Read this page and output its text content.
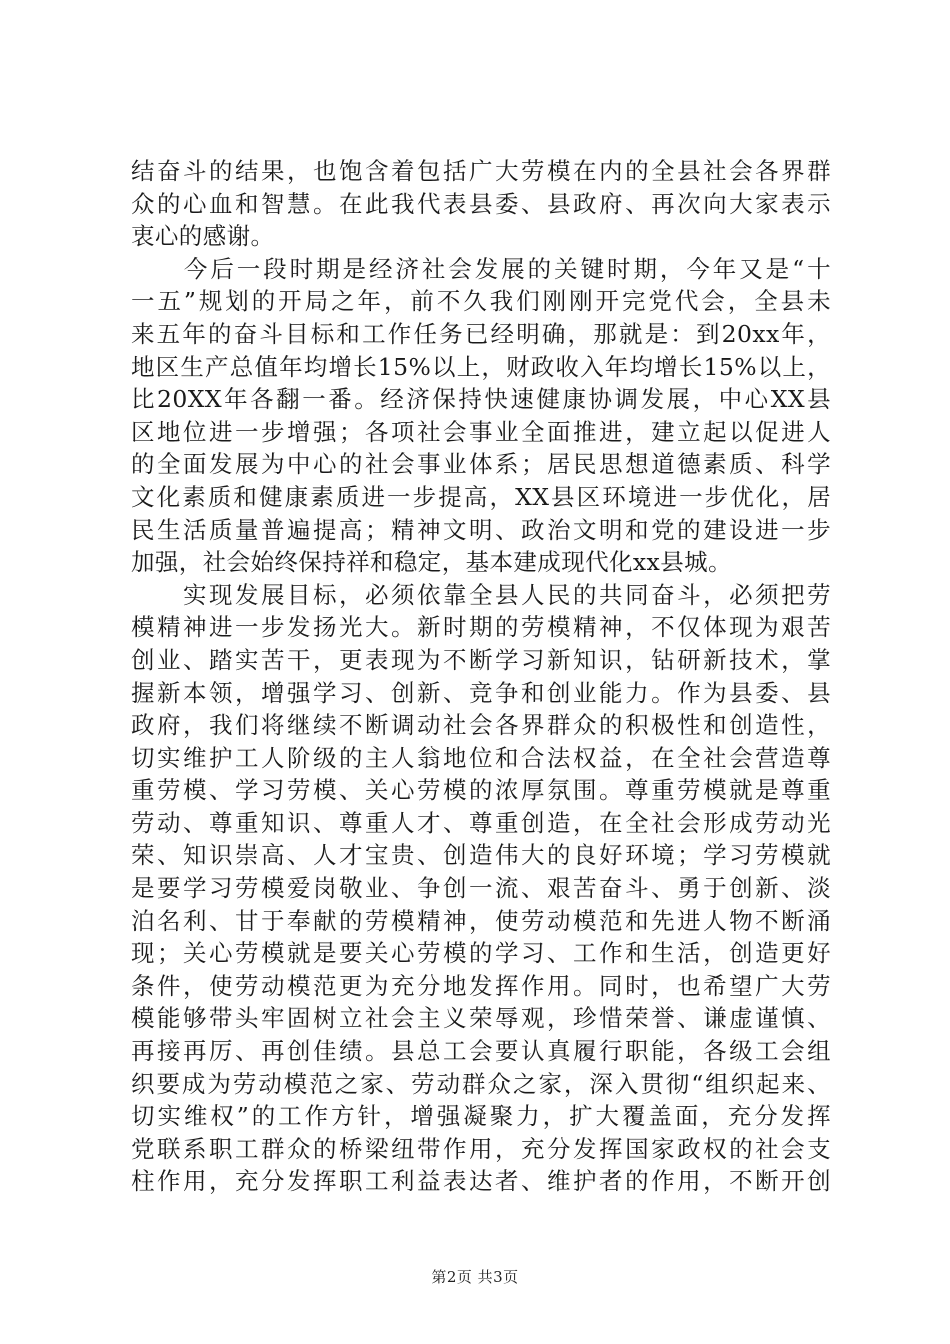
结奋斗的结果，也饱含着包括广大劳模在内的全县社会各界群
众的心血和智慧。在此我代表县委、县政府、再次向大家表示
衷心的感谢。
　　今后一段时期是经济社会发展的关键时期，今年又是“十
一五”规划的开局之年，前不久我们刚刚开完党代会，全县未
来五年的奋斗目标和工作任务已经明确，那就是：到20xx年，
地区生产总值年均增长15%以上，财政收入年均增长15%以上，
比20XX年各翻一番。经济保持快速健康协调发展，中心XX县
区地位进一步增强；各项社会事业全面推进，建立起以促进人
的全面发展为中心的社会事业体系；居民思想道德素质、科学
文化素质和健康素质进一步提高，XX县区环境进一步优化，居
民生活质量普遍提高；精神文明、政治文明和党的建设进一步
加强，社会始终保持祥和稳定，基本建成现代化xx县城。
　　实现发展目标，必须依靠全县人民的共同奋斗，必须把劳
模精神进一步发扬光大。新时期的劳模精神，不仅体现为艰苦
创业、踏实苦干，更表现为不断学习新知识，钻研新技术，掌
握新本领，增强学习、创新、竞争和创业能力。作为县委、县
政府，我们将继续不断调动社会各界群众的积极性和创造性，
切实维护工人阶级的主人翁地位和合法权益，在全社会营造尊
重劳模、学习劳模、关心劳模的浓厚氛围。尊重劳模就是尊重
劳动、尊重知识、尊重人才、尊重创造，在全社会形成劳动光
荣、知识崇高、人才宝贵、创造伟大的良好环境；学习劳模就
是要学习劳模爱岗敬业、争创一流、艰苦奋斗、勇于创新、淡
泊名利、甘于奉献的劳模精神，使劳动模范和先进人物不断涌
现；关心劳模就是要关心劳模的学习、工作和生活，创造更好
条件，使劳动模范更为充分地发挥作用。同时，也希望广大劳
模能够带头牢固树立社会主义荣辱观，珍惜荣誉、谦虚谨慎、
再接再厉、再创佳绩。县总工会要认真履行职能，各级工会组
织要成为劳动模范之家、劳动群众之家，深入贯彻“组织起来、
切实维权”的工作方针，增强凝聚力，扩大覆盖面，充分发挥
党联系职工群众的桥梁纽带作用，充分发挥国家政权的社会支
柱作用，充分发挥职工利益表达者、维护者的作用，不断开创
第2页 共3页
